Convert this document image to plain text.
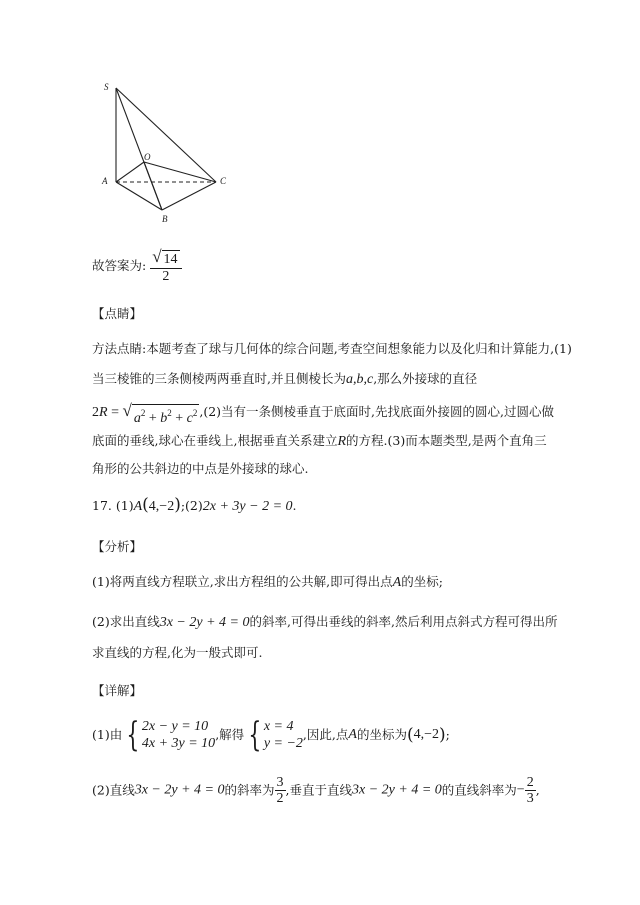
S
O
A
B
C
故答案为: $\frac{√ 14}{2}$
【点睛】
方法点睛:本题考查了球与几何体的综合问题,考查空间想象能力以及化归和计算能力,(1)
当三棱锥的三条侧棱两两垂直时,并且侧棱长为a,b,c,那么外接球的直径
2R = √ $a^2 + b^2 + c^2$ ,(2)当有一条侧棱垂直于底面时,先找底面外接圆的圆心,过圆心做
底面的垂线,球心在垂线上,根据垂直关系建立R的方程.(3)而本题类型,是两个直角三
角形的公共斜边的中点是外接球的球心.
17. (1)A(4,−2);(2)2x + 3y − 2 = 0.
【分析】
(1)将两直线方程联立,求出方程组的公共解,即可得出点A的坐标;
(2)求出直线3x − 2y + 4 = 0的斜率,可得出垂线的斜率,然后利用点斜式方程可得出所
求直线的方程,化为一般式即可.
【详解】
(1)由 { 2x − y = 10
4x + 3y = 10
,解得 { x = 4
y = −2
,因此,点A的坐标为(4,−2);
(2)直线3x − 2y + 4 = 0的斜率为 $\frac{3}{2}$ ,垂直于直线3x − 2y + 4 = 0的直线斜率为− $\frac{2}{3}$ ,
